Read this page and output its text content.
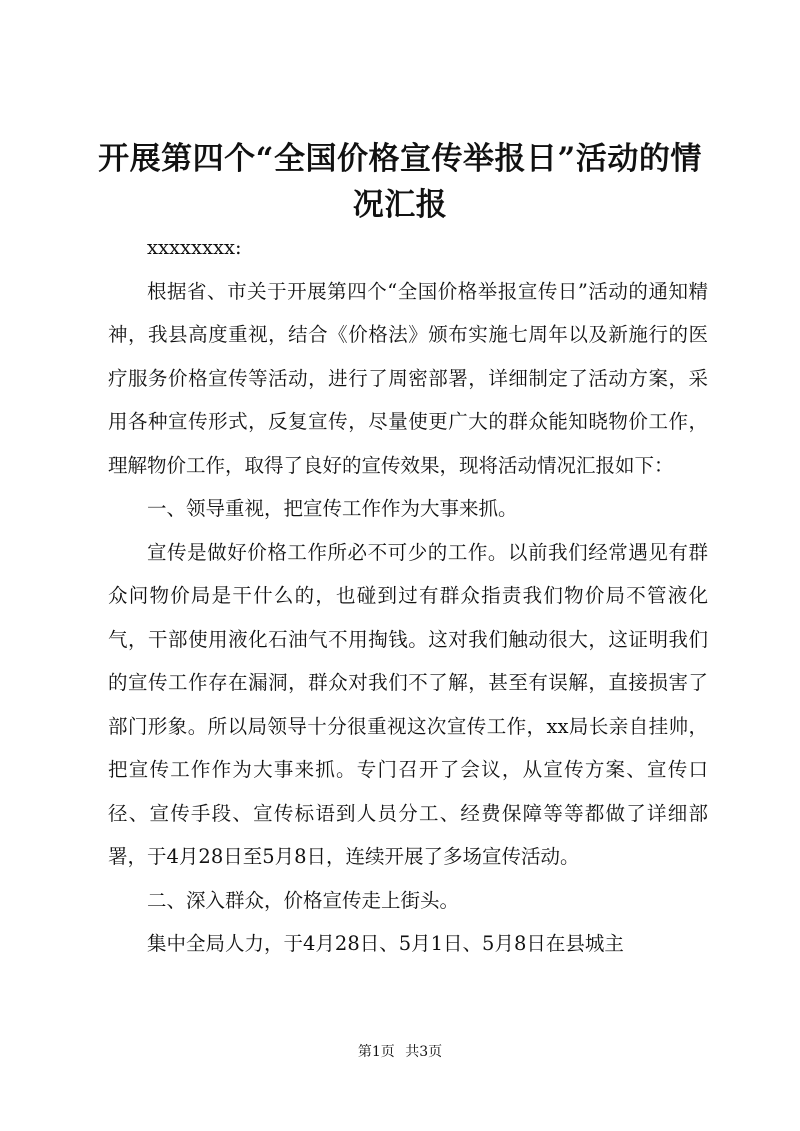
开展第四个“全国价格宣传举报日”活动的情况汇报

xxxxxxxx:

根据省、市关于开展第四个“全国价格举报宣传日”活动的通知精神，我县高度重视，结合《价格法》颁布实施七周年以及新施行的医疗服务价格宣传等活动，进行了周密部署，详细制定了活动方案，采用各种宣传形式，反复宣传，尽量使更广大的群众能知晓物价工作，理解物价工作，取得了良好的宣传效果，现将活动情况汇报如下：

一、领导重视，把宣传工作作为大事来抓。

宣传是做好价格工作所必不可少的工作。以前我们经常遇见有群众问物价局是干什么的，也碰到过有群众指责我们物价局不管液化气，干部使用液化石油气不用掏钱。这对我们触动很大，这证明我们的宣传工作存在漏洞，群众对我们不了解，甚至有误解，直接损害了部门形象。所以局领导十分很重视这次宣传工作，xx局长亲自挂帅，把宣传工作作为大事来抓。专门召开了会议，从宣传方案、宣传口径、宣传手段、宣传标语到人员分工、经费保障等等都做了详细部署，于4月28日至5月8日，连续开展了多场宣传活动。

二、深入群众，价格宣传走上街头。

集中全局人力，于4月28日、5月1日、5月8日在县城主

第1页 共3页
